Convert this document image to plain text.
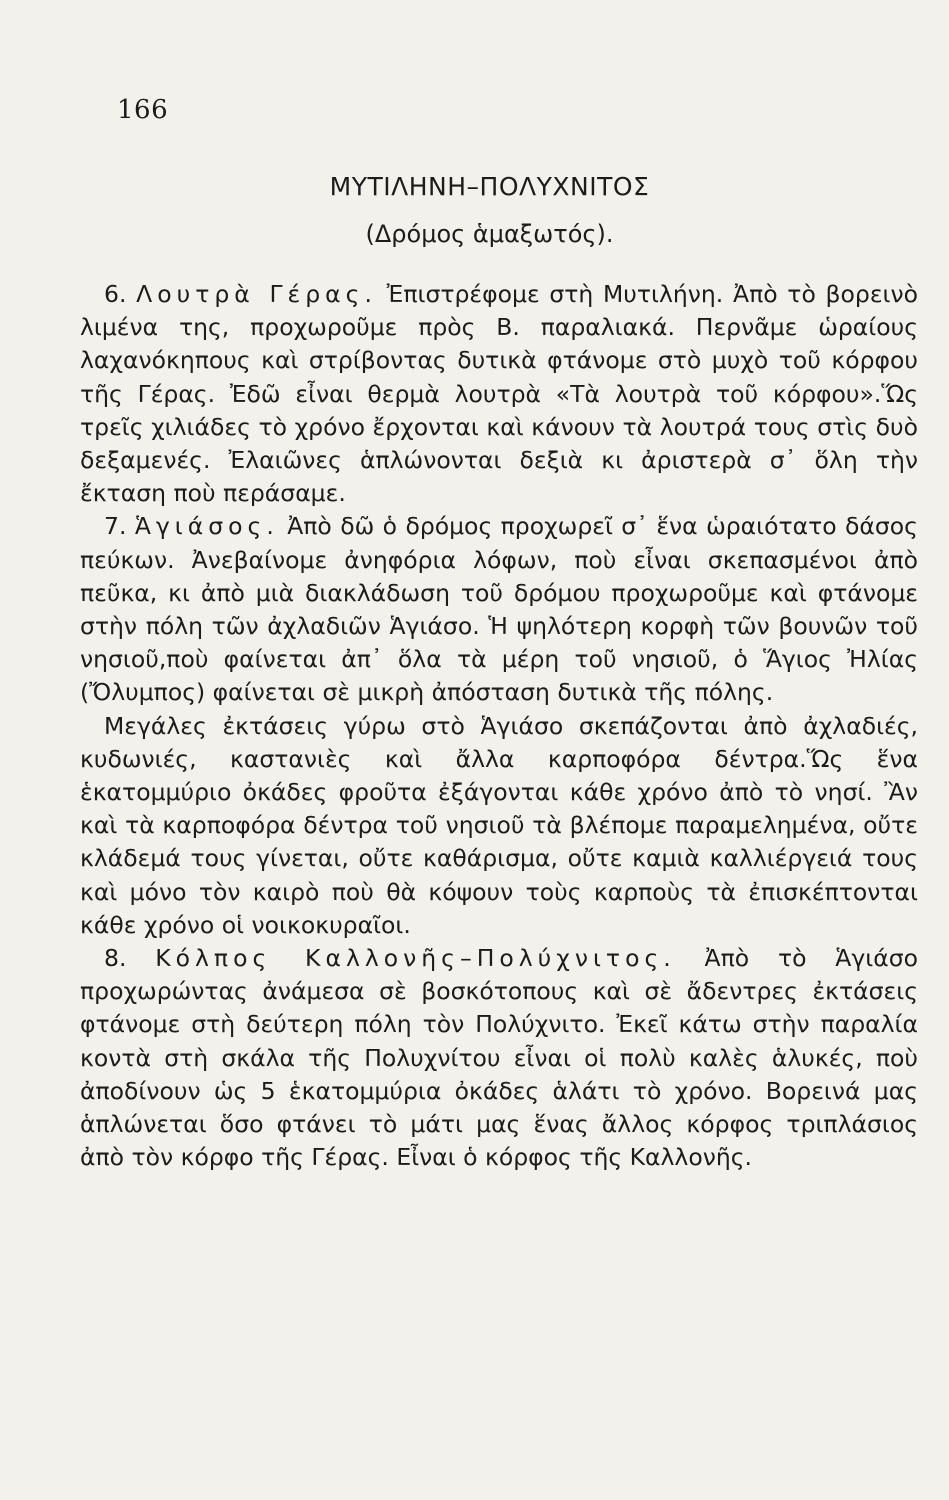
166
ΜΥΤΙΛΗΝΗ–ΠΟΛΥΧΝΙΤΟΣ
(Δρόμος ἁμαξωτός).

6. Λουτρὰ Γέρας. Ἐπιστρέφομε στὴ Μυτιλήνη. Ἀπὸ τὸ βορεινὸ λιμένα της, προχωροῦμε πρὸς Β. παραλιακά. Περνᾶμε ὡραίους λαχανόκηπους καὶ στρίβοντας δυτικὰ φτάνομε στὸ μυχὸ τοῦ κόρφου τῆς Γέρας. Ἐδῶ εἶναι θερμὰ λουτρὰ «Τὰ λουτρὰ τοῦ κόρφου».Ὥς τρεῖς χιλιάδες τὸ χρόνο ἔρχονται καὶ κάνουν τὰ λουτρά τους στὶς δυὸ δεξαμενές. Ἐλαιῶνες ἁπλώνονται δεξιὰ κι ἀριστερὰ σ᾽ ὅλη τὴν ἔκταση ποὺ περάσαμε.

7. Ἁγιάσος. Ἀπὸ δῶ ὁ δρόμος προχωρεῖ σ᾽ ἕνα ὡραιότατο δάσος πεύκων. Ἀνεβαίνομε ἀνηφόρια λόφων, ποὺ εἶναι σκεπασμένοι ἀπὸ πεῦκα, κι ἀπὸ μιὰ διακλάδωση τοῦ δρόμου προχωροῦμε καὶ φτάνομε στὴν πόλη τῶν ἀχλαδιῶν Ἁγιάσο. Ἡ ψηλότερη κορφὴ τῶν βουνῶν τοῦ νησιοῦ,ποὺ φαίνεται ἀπ᾽ ὅλα τὰ μέρη τοῦ νησιοῦ, ὁ Ἅγιος Ἠλίας (Ὄλυμπος) φαίνεται σὲ μικρὴ ἀπόσταση δυτικὰ τῆς πόλης.

Μεγάλες ἐκτάσεις γύρω στὸ Ἁγιάσο σκεπάζονται ἀπὸ ἀχλαδιές, κυδωνιές, καστανιὲς καὶ ἄλλα καρποφόρα δέντρα.Ὥς ἕνα ἑκατομμύριο ὀκάδες φροῦτα ἐξάγονται κάθε χρόνο ἀπὸ τὸ νησί. Ἂν καὶ τὰ καρποφόρα δέντρα τοῦ νησιοῦ τὰ βλέπομε παραμελημένα, οὔτε κλάδεμά τους γίνεται, οὔτε καθάρισμα, οὔτε καμιὰ καλλιέργειά τους καὶ μόνο τὸν καιρὸ ποὺ θὰ κόψουν τοὺς καρποὺς τὰ ἐπισκέπτονται κάθε χρόνο οἱ νοικοκυραῖοι.

8. Κόλπος Καλλονῆς–Πολύχνιτος. Ἀπὸ τὸ Ἁγιάσο προχωρώντας ἀνάμεσα σὲ βοσκότοπους καὶ σὲ ἄδεντρες ἐκτάσεις φτάνομε στὴ δεύτερη πόλη τὸν Πολύχνιτο. Ἐκεῖ κάτω στὴν παραλία κοντὰ στὴ σκάλα τῆς Πολυχνίτου εἶναι οἱ πολὺ καλὲς ἁλυκές, ποὺ ἀποδίνουν ὡς 5 ἑκατομμύρια ὀκάδες ἁλάτι τὸ χρόνο. Βορεινά μας ἁπλώνεται ὅσο φτάνει τὸ μάτι μας ἕνας ἄλλος κόρφος τριπλάσιος ἀπὸ τὸν κόρφο τῆς Γέρας. Εἶναι ὁ κόρφος τῆς Καλλονῆς.
